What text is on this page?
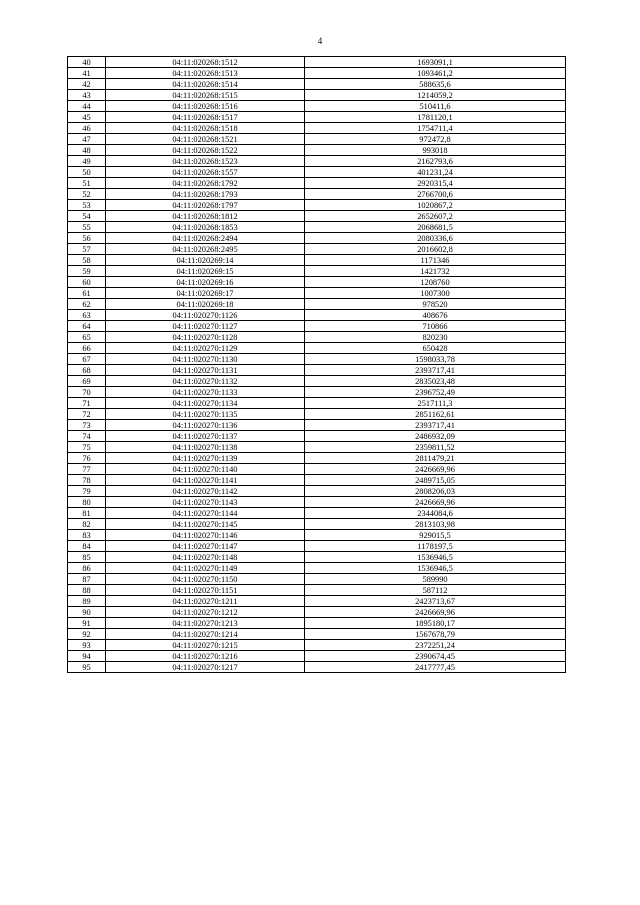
4
40	04:11:020268:1512	1693091,1
41	04:11:020268:1513	1093461,2
42	04:11:020268:1514	588635,6
43	04:11:020268:1515	1214059,2
44	04:11:020268:1516	510411,6
45	04:11:020268:1517	1781120,1
46	04:11:020268:1518	1754711,4
47	04:11:020268:1521	972472,8
48	04:11:020268:1522	993018
49	04:11:020268:1523	2162793,6
50	04:11:020268:1557	401231,24
51	04:11:020268:1792	2920315,4
52	04:11:020268:1793	2766700,6
53	04:11:020268:1797	1020867,2
54	04:11:020268:1812	2652607,2
55	04:11:020268:1853	2068681,5
56	04:11:020268:2494	2080336,6
57	04:11:020268:2495	2016602,8
58	04:11:020269:14	1171346
59	04:11:020269:15	1421732
60	04:11:020269:16	1208760
61	04:11:020269:17	1007300
62	04:11:020269:18	978520
63	04:11:020270:1126	408676
64	04:11:020270:1127	710866
65	04:11:020270:1128	820230
66	04:11:020270:1129	650428
67	04:11:020270:1130	1598033,78
68	04:11:020270:1131	2393717,41
69	04:11:020270:1132	2835023,48
70	04:11:020270:1133	2396752,49
71	04:11:020270:1134	2517111,3
72	04:11:020270:1135	2851162,61
73	04:11:020270:1136	2393717,41
74	04:11:020270:1137	2486932,09
75	04:11:020270:1138	2359811,52
76	04:11:020270:1139	2811479,21
77	04:11:020270:1140	2426669,96
78	04:11:020270:1141	2489715,05
79	04:11:020270:1142	2808206,03
80	04:11:020270:1143	2426669,96
81	04:11:020270:1144	2344084,6
82	04:11:020270:1145	2813103,98
83	04:11:020270:1146	929015,5
84	04:11:020270:1147	1178197,5
85	04:11:020270:1148	1536946,5
86	04:11:020270:1149	1536946,5
87	04:11:020270:1150	589990
88	04:11:020270:1151	587112
89	04:11:020270:1211	2423713,67
90	04:11:020270:1212	2426669,96
91	04:11:020270:1213	1895180,17
92	04:11:020270:1214	1567678,79
93	04:11:020270:1215	2372251,24
94	04:11:020270:1216	2390674,45
95	04:11:020270:1217	2417777,45
